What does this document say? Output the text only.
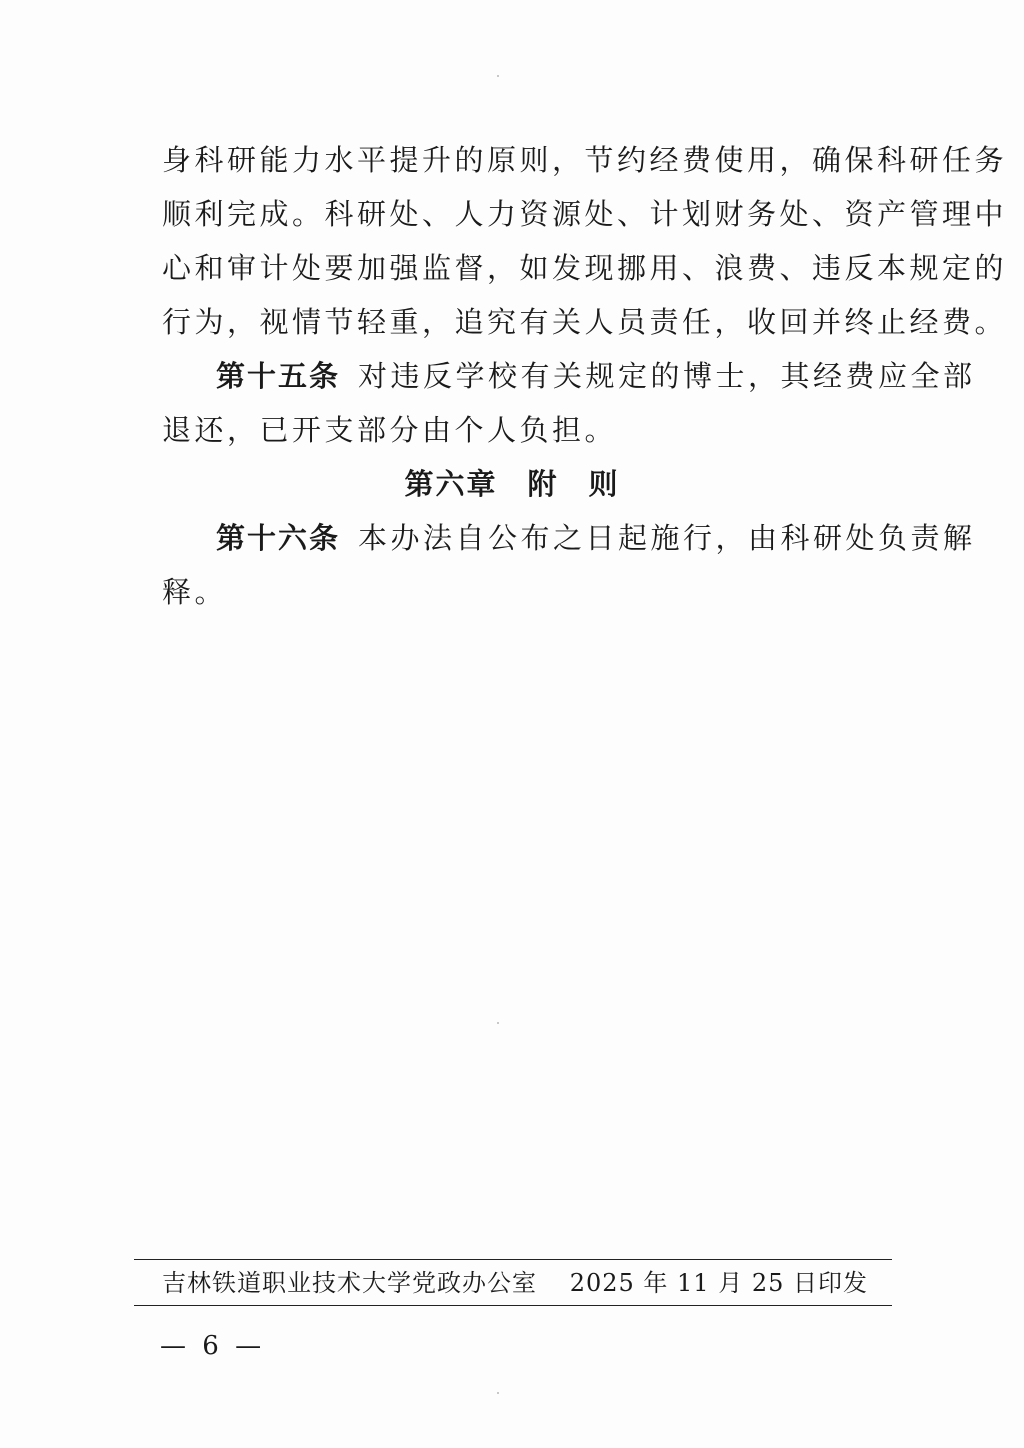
身科研能力水平提升的原则，节约经费使用，确保科研任务
顺利完成。科研处、人力资源处、计划财务处、资产管理中
心和审计处要加强监督，如发现挪用、浪费、违反本规定的
行为，视情节轻重，追究有关人员责任，收回并终止经费。
第十五条 对违反学校有关规定的博士，其经费应全部
退还，已开支部分由个人负担。
第六章 附 则
第十六条 本办法自公布之日起施行，由科研处负责解
释。
吉林铁道职业技术大学党政办公室 2025 年 11 月 25 日印发
— 6 —
